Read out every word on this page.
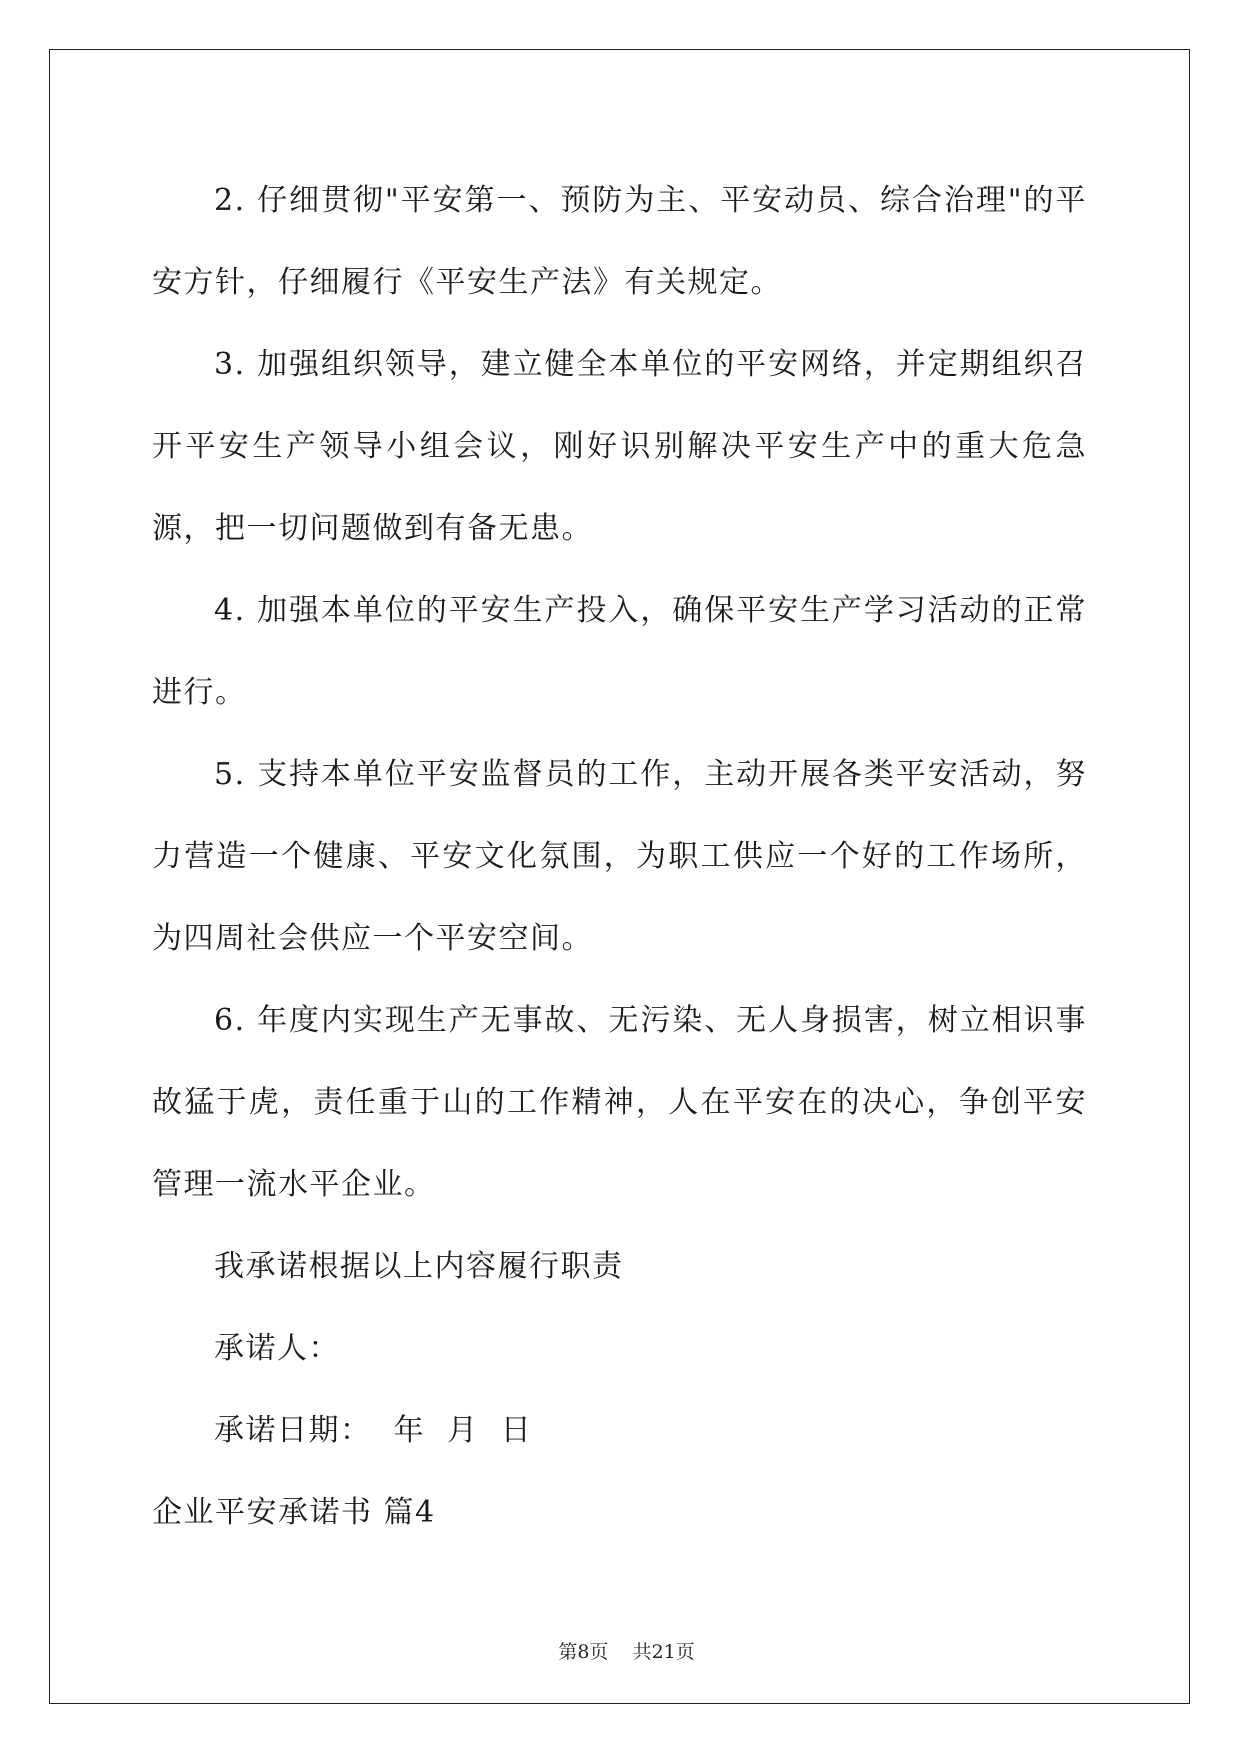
2. 仔细贯彻"平安第一、预防为主、平安动员、综合治理"的平安方针，仔细履行《平安生产法》有关规定。

3. 加强组织领导，建立健全本单位的平安网络，并定期组织召开平安生产领导小组会议，刚好识别解决平安生产中的重大危急源，把一切问题做到有备无患。

4. 加强本单位的平安生产投入，确保平安生产学习活动的正常进行。

5. 支持本单位平安监督员的工作，主动开展各类平安活动，努力营造一个健康、平安文化氛围，为职工供应一个好的工作场所，为四周社会供应一个平安空间。

6. 年度内实现生产无事故、无污染、无人身损害，树立相识事故猛于虎，责任重于山的工作精神，人在平安在的决心，争创平安管理一流水平企业。

我承诺根据以上内容履行职责

承诺人：

承诺日期：  年  月  日

企业平安承诺书 篇4

第8页 共21页
